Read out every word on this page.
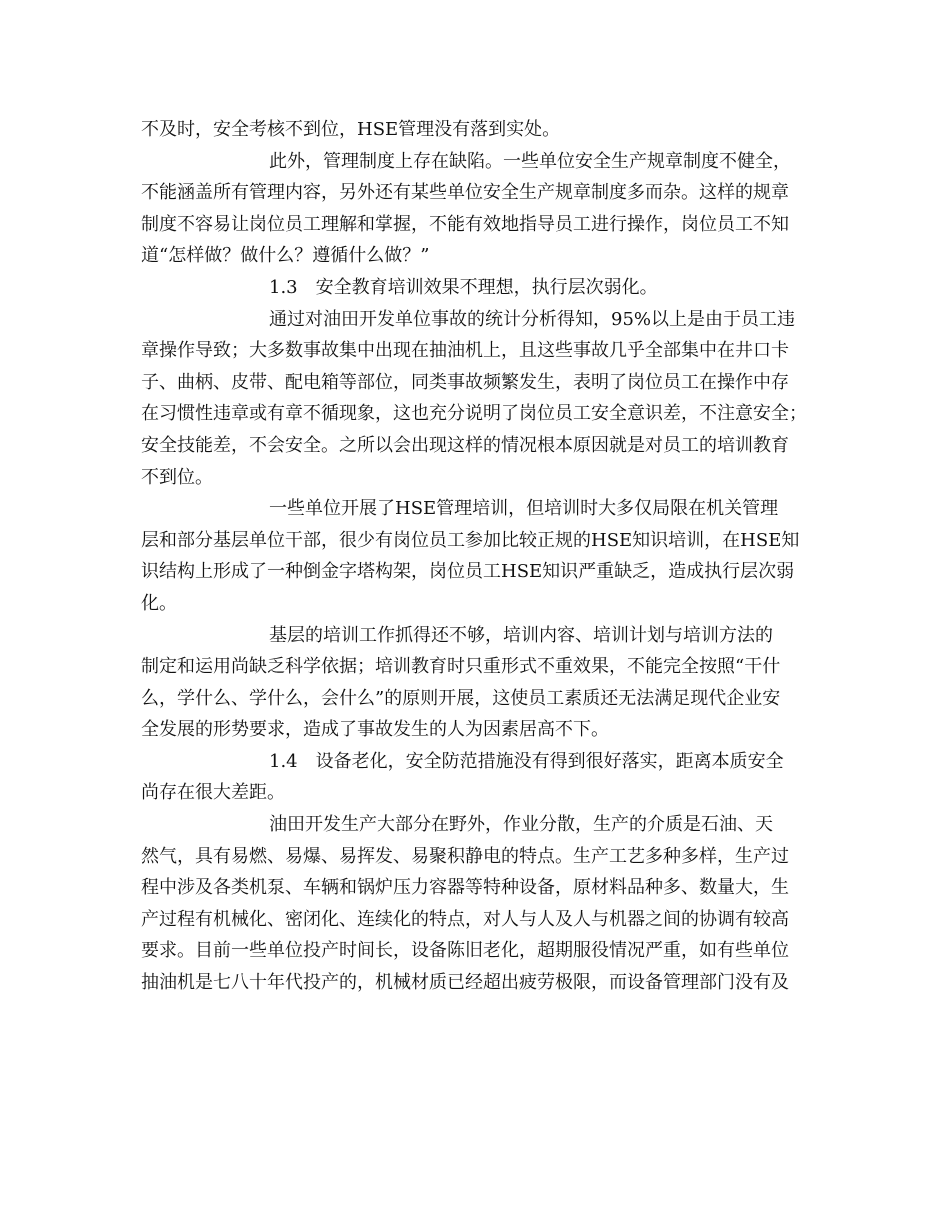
不及时，安全考核不到位，HSE管理没有落到实处。
此外，管理制度上存在缺陷。一些单位安全生产规章制度不健全，
不能涵盖所有管理内容，另外还有某些单位安全生产规章制度多而杂。这样的规章
制度不容易让岗位员工理解和掌握，不能有效地指导员工进行操作，岗位员工不知
道“怎样做？做什么？遵循什么做？”
1.3　安全教育培训效果不理想，执行层次弱化。
通过对油田开发单位事故的统计分析得知，95%以上是由于员工违
章操作导致；大多数事故集中出现在抽油机上，且这些事故几乎全部集中在井口卡
子、曲柄、皮带、配电箱等部位，同类事故频繁发生，表明了岗位员工在操作中存
在习惯性违章或有章不循现象，这也充分说明了岗位员工安全意识差，不注意安全；
安全技能差，不会安全。之所以会出现这样的情况根本原因就是对员工的培训教育
不到位。
一些单位开展了HSE管理培训，但培训时大多仅局限在机关管理
层和部分基层单位干部，很少有岗位员工参加比较正规的HSE知识培训，在HSE知
识结构上形成了一种倒金字塔构架，岗位员工HSE知识严重缺乏，造成执行层次弱
化。
基层的培训工作抓得还不够，培训内容、培训计划与培训方法的
制定和运用尚缺乏科学依据；培训教育时只重形式不重效果，不能完全按照“干什
么，学什么、学什么，会什么”的原则开展，这使员工素质还无法满足现代企业安
全发展的形势要求，造成了事故发生的人为因素居高不下。
1.4　设备老化，安全防范措施没有得到很好落实，距离本质安全
尚存在很大差距。
油田开发生产大部分在野外，作业分散，生产的介质是石油、天
然气，具有易燃、易爆、易挥发、易聚积静电的特点。生产工艺多种多样，生产过
程中涉及各类机泵、车辆和锅炉压力容器等特种设备，原材料品种多、数量大，生
产过程有机械化、密闭化、连续化的特点，对人与人及人与机器之间的协调有较高
要求。目前一些单位投产时间长，设备陈旧老化，超期服役情况严重，如有些单位
抽油机是七八十年代投产的，机械材质已经超出疲劳极限，而设备管理部门没有及
